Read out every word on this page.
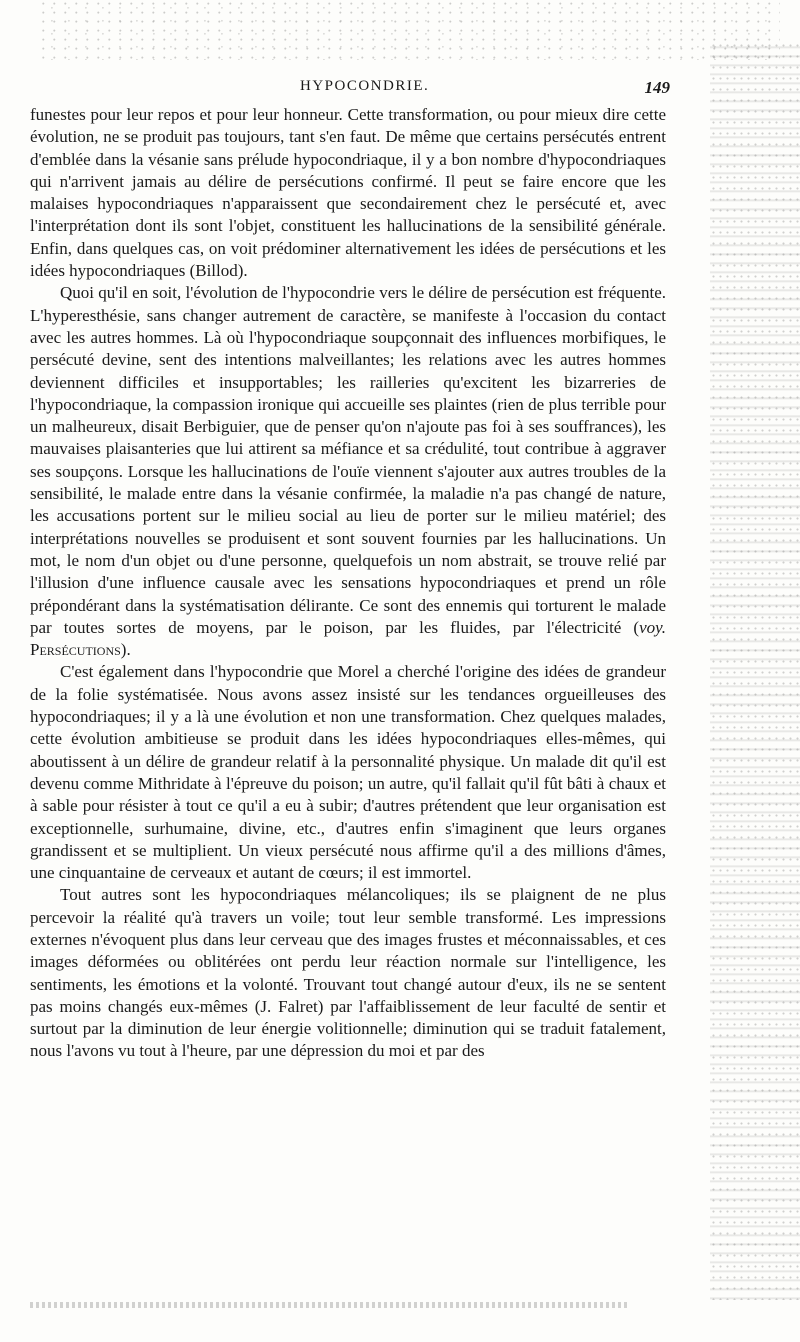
HYPOCONDRIE.	149

funestes pour leur repos et pour leur honneur. Cette transformation, ou pour mieux dire cette évolution, ne se produit pas toujours, tant s'en faut. De même que certains persécutés entrent d'emblée dans la vésanie sans prélude hypocondriaque, il y a bon nombre d'hypocondriaques qui n'arrivent jamais au délire de persécutions confirmé. Il peut se faire encore que les malaises hypocondriaques n'apparaissent que secondairement chez le persécuté et, avec l'interprétation dont ils sont l'objet, constituent les hallucinations de la sensibilité générale. Enfin, dans quelques cas, on voit prédominer alternativement les idées de persécutions et les idées hypocondriaques (Billod).

Quoi qu'il en soit, l'évolution de l'hypocondrie vers le délire de persécution est fréquente. L'hyperesthésie, sans changer autrement de caractère, se manifeste à l'occasion du contact avec les autres hommes. Là où l'hypocondriaque soupçonnait des influences morbifiques, le persécuté devine, sent des intentions malveillantes; les relations avec les autres hommes deviennent difficiles et insupportables; les railleries qu'excitent les bizarreries de l'hypocondriaque, la compassion ironique qui accueille ses plaintes (rien de plus terrible pour un malheureux, disait Berbiguier, que de penser qu'on n'ajoute pas foi à ses souffrances), les mauvaises plaisanteries que lui attirent sa méfiance et sa crédulité, tout contribue à aggraver ses soupçons. Lorsque les hallucinations de l'ouïe viennent s'ajouter aux autres troubles de la sensibilité, le malade entre dans la vésanie confirmée, la maladie n'a pas changé de nature, les accusations portent sur le milieu social au lieu de porter sur le milieu matériel; des interprétations nouvelles se produisent et sont souvent fournies par les hallucinations. Un mot, le nom d'un objet ou d'une personne, quelquefois un nom abstrait, se trouve relié par l'illusion d'une influence causale avec les sensations hypocondriaques et prend un rôle prépondérant dans la systématisation délirante. Ce sont des ennemis qui torturent le malade par toutes sortes de moyens, par le poison, par les fluides, par l'électricité (voy. Persécutions).

C'est également dans l'hypocondrie que Morel a cherché l'origine des idées de grandeur de la folie systématisée. Nous avons assez insisté sur les tendances orgueilleuses des hypocondriaques; il y a là une évolution et non une transformation. Chez quelques malades, cette évolution ambitieuse se produit dans les idées hypocondriaques elles-mêmes, qui aboutissent à un délire de grandeur relatif à la personnalité physique. Un malade dit qu'il est devenu comme Mithridate à l'épreuve du poison; un autre, qu'il fallait qu'il fût bâti à chaux et à sable pour résister à tout ce qu'il a eu à subir; d'autres prétendent que leur organisation est exceptionnelle, surhumaine, divine, etc., d'autres enfin s'imaginent que leurs organes grandissent et se multiplient. Un vieux persécuté nous affirme qu'il a des millions d'âmes, une cinquantaine de cerveaux et autant de cœurs; il est immortel.

Tout autres sont les hypocondriaques mélancoliques; ils se plaignent de ne plus percevoir la réalité qu'à travers un voile; tout leur semble transformé. Les impressions externes n'évoquent plus dans leur cerveau que des images frustes et méconnaissables, et ces images déformées ou oblitérées ont perdu leur réaction normale sur l'intelligence, les sentiments, les émotions et la volonté. Trouvant tout changé autour d'eux, ils ne se sentent pas moins changés eux-mêmes (J. Falret) par l'affaiblissement de leur faculté de sentir et surtout par la diminution de leur énergie volitionnelle; diminution qui se traduit fatalement, nous l'avons vu tout à l'heure, par une dépression du moi et par des
